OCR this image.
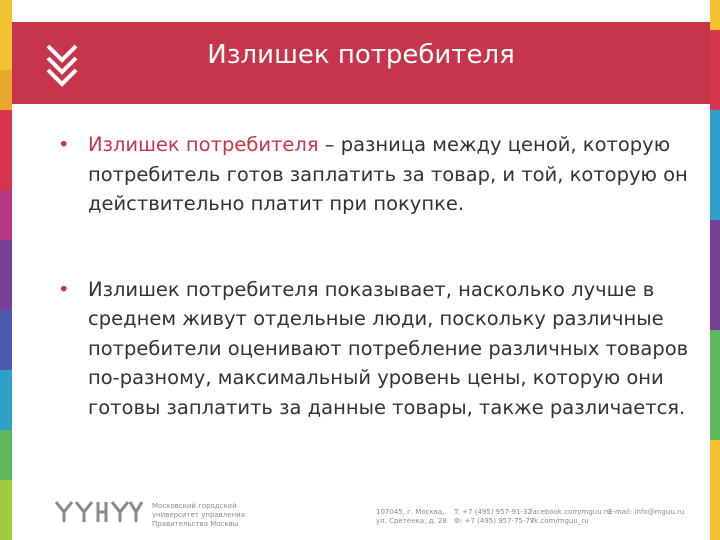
Излишек потребителя
• Излишек потребителя – разница между ценой, которую потребитель готов заплатить за товар, и той, которую он действительно платит при покупке.
• Излишек потребителя показывает, насколько лучше в среднем живут отдельные люди, поскольку различные потребители оценивают потребление различных товаров по-разному, максимальный уровень цены, которую они готовы заплатить за данные товары, также различается.
Московский городской
университет управления
Правительства Москвы
107045, г. Москва,
ул. Сретенка, д. 28
T: +7 (495) 957-91-32
Ф: +7 (495) 957-75-77
facebook.com/mguu.ru
vk.com/mguu_ru
E-mail: info@mguu.ru
